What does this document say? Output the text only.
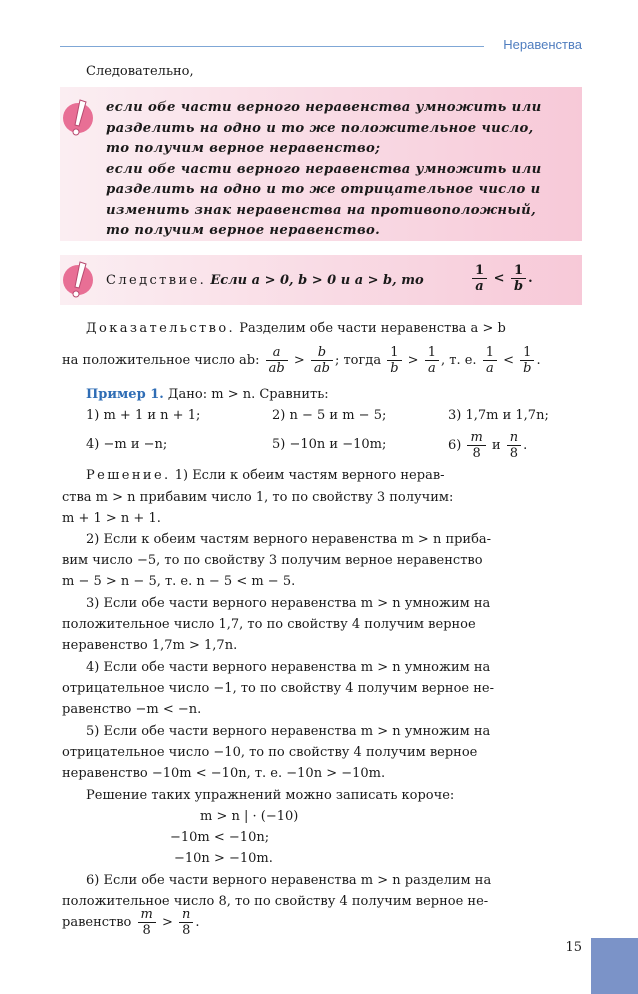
Неравенства
Следовательно,
если обе части верного неравенства умножить или
разделить на одно и то же положительное число,
то получим верное неравенство;
если обе части верного неравенства умножить или
разделить на одно и то же отрицательное число и
изменить знак неравенства на противоположный,
то получим верное неравенство.
Следствие. Если a > 0, b > 0 и a > b, то	$\frac{1}{a} < \frac{1}{b}$ .
Доказательство. Разделим обе части неравенства a > b
на положительное число ab: $\frac{a}{ab} > \frac{b}{ab}$ ; тогда $\frac{1}{b} > \frac{1}{a}$ , т. е. $\frac{1}{a} < \frac{1}{b}$ .
Пример 1. Дано: m > n. Сравнить:
1) m + 1 и n + 1;	2) n − 5 и m − 5;	3) 1,7m и 1,7n;
4) −m и −n;	5) −10n и −10m;	$6) \frac{m}{8}$ и $\frac{n}{8}$ .
Решение. 1) Если к обеим частям верного нерав-
ства m > n прибавим число 1, то по свойству 3 получим:
m + 1 > n + 1.
2) Если к обеим частям верного неравенства m > n приба-
вим число −5, то по свойству 3 получим верное неравенство
m − 5 > n − 5, т. е. n − 5 < m − 5.
3) Если обе части верного неравенства m > n умножим на
положительное число 1,7, то по свойству 4 получим верное
неравенство 1,7m > 1,7n.
4) Если обе части верного неравенства m > n умножим на
отрицательное число −1, то по свойству 4 получим верное не-
равенство −m < −n.
5) Если обе части верного неравенства m > n умножим на
отрицательное число −10, то по свойству 4 получим верное
неравенство −10m < −10n, т. е. −10n > −10m.
Решение таких упражнений можно записать короче:
m > n | · (−10)
−10m < −10n;
−10n > −10m.
6) Если обе части верного неравенства m > n разделим на
положительное число 8, то по свойству 4 получим верное не-
равенство $\frac{m}{8} > \frac{n}{8}$ .
15
